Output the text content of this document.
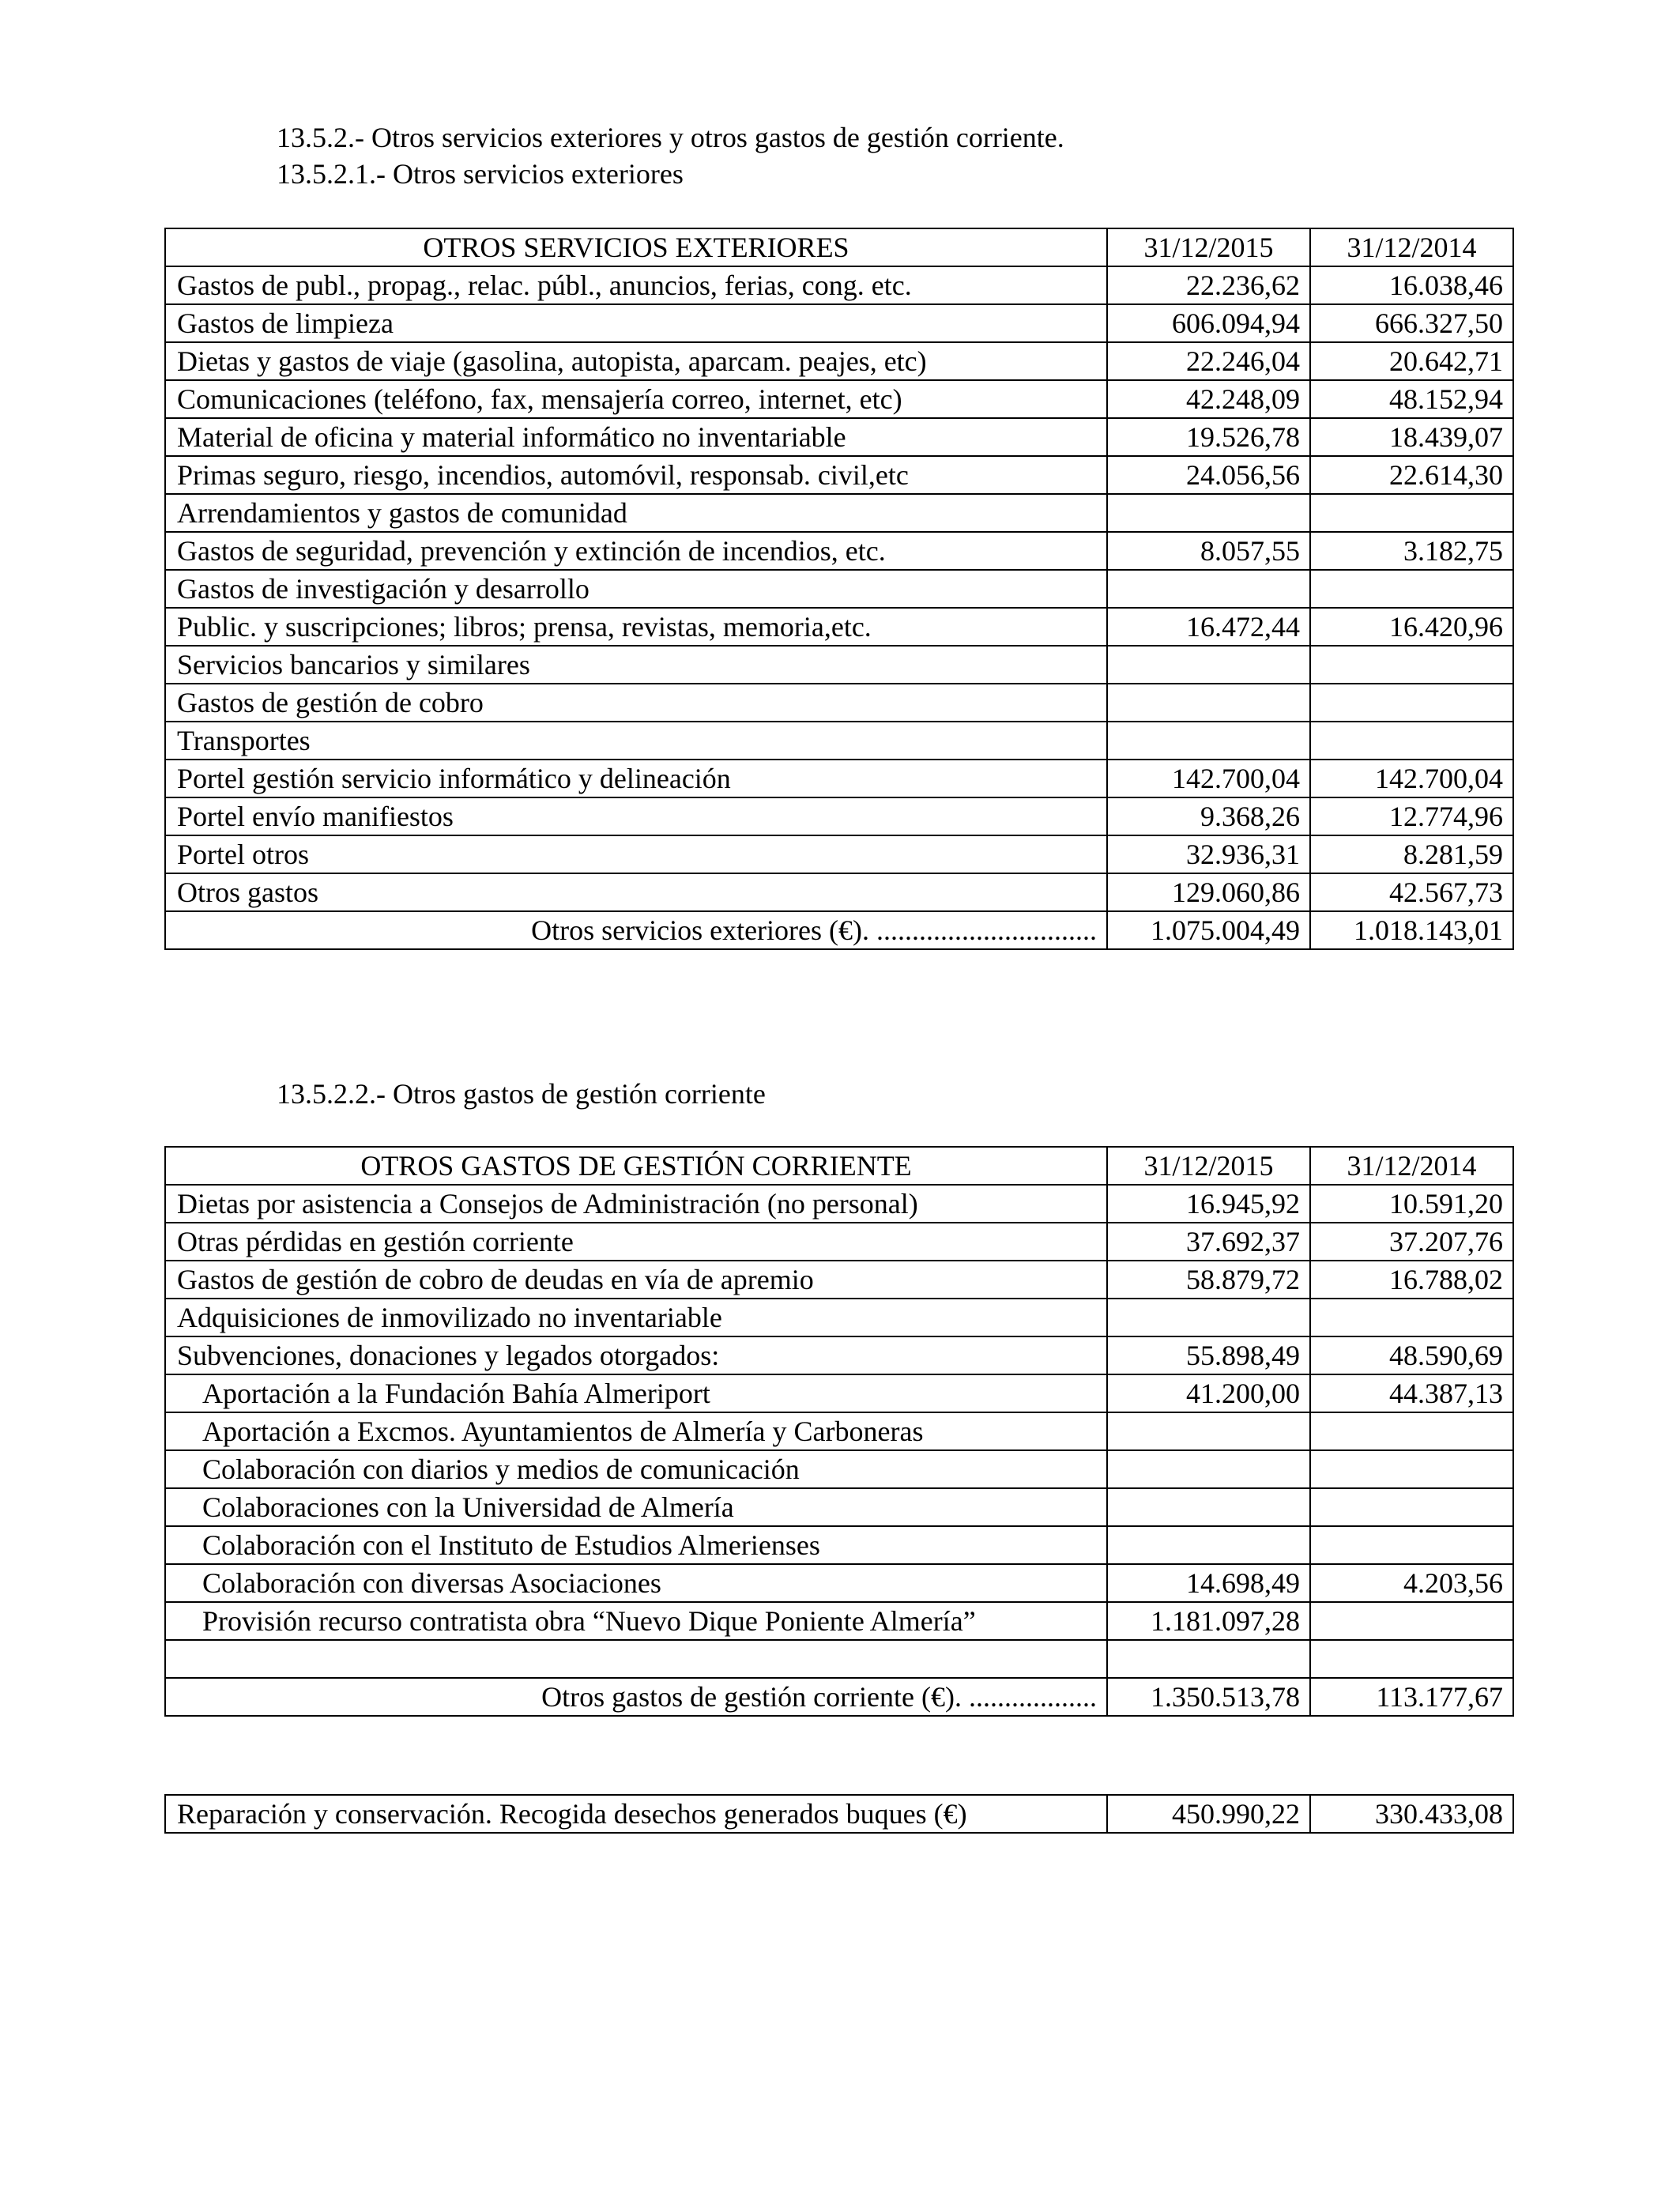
13.5.2.- Otros servicios exteriores y otros gastos de gestión corriente.
13.5.2.1.- Otros servicios exteriores
OTROS SERVICIOS EXTERIORES	31/12/2015	31/12/2014
Gastos de publ., propag., relac. públ., anuncios, ferias, cong. etc.	22.236,62	16.038,46
Gastos de limpieza	606.094,94	666.327,50
Dietas y gastos de viaje (gasolina, autopista, aparcam. peajes, etc)	22.246,04	20.642,71
Comunicaciones (teléfono, fax, mensajería correo, internet, etc)	42.248,09	48.152,94
Material de oficina y material informático no inventariable	19.526,78	18.439,07
Primas seguro, riesgo, incendios, automóvil, responsab. civil,etc	24.056,56	22.614,30
Arrendamientos y gastos de comunidad		
Gastos de seguridad, prevención y extinción de incendios, etc.	8.057,55	3.182,75
Gastos de investigación y desarrollo		
Public. y suscripciones; libros; prensa, revistas, memoria,etc.	16.472,44	16.420,96
Servicios bancarios y similares		
Gastos de gestión de cobro		
Transportes		
Portel gestión servicio informático y delineación	142.700,04	142.700,04
Portel envío manifiestos	9.368,26	12.774,96
Portel otros	32.936,31	8.281,59
Otros gastos	129.060,86	42.567,73
Otros servicios exteriores (€). ...............................	1.075.004,49	1.018.143,01
13.5.2.2.- Otros gastos de gestión corriente
OTROS GASTOS DE GESTIÓN CORRIENTE	31/12/2015	31/12/2014
Dietas por asistencia a Consejos de Administración (no personal)	16.945,92	10.591,20
Otras pérdidas en gestión corriente	37.692,37	37.207,76
Gastos de gestión de cobro de deudas en vía de apremio	58.879,72	16.788,02
Adquisiciones de inmovilizado no inventariable		
Subvenciones, donaciones y legados otorgados:	55.898,49	48.590,69
Aportación a la Fundación Bahía Almeriport	41.200,00	44.387,13
Aportación a Excmos. Ayuntamientos de Almería y Carboneras		
Colaboración con diarios y medios de comunicación		
Colaboraciones con la Universidad de Almería		
Colaboración con el Instituto de Estudios Almerienses		
Colaboración con diversas Asociaciones	14.698,49	4.203,56
Provisión recurso contratista obra “Nuevo Dique Poniente Almería”	1.181.097,28	

Otros gastos de gestión corriente (€). ..................	1.350.513,78	113.177,67
Reparación y conservación. Recogida desechos generados buques (€)	450.990,22	330.433,08
